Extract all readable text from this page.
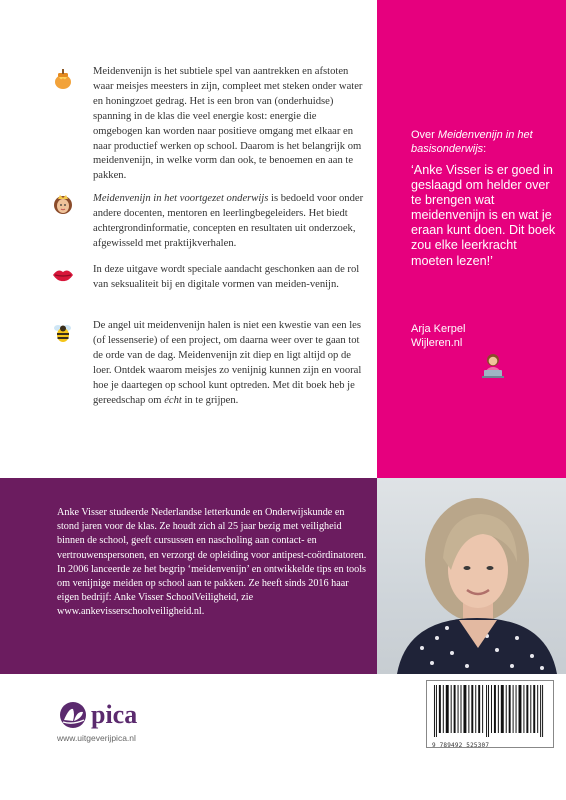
Meidenvenijn is het subtiele spel van aantrekken en afstoten waar meisjes meesters in zijn, compleet met steken onder water en honingzoet gedrag. Het is een bron van (onderhuidse) spanning in de klas die veel energie kost: energie die omgebogen kan worden naar positieve omgang met elkaar en naar productief werken op school. Daarom is het belangrijk om meidenvenijn, in welke vorm dan ook, te benoemen en aan te pakken.
Meidenvenijn in het voortgezet onderwijs is bedoeld voor onder andere docenten, mentoren en leerlingbegeleiders. Het biedt achtergrondinformatie, concepten en resultaten uit onderzoek, afgewisseld met praktijkverhalen.
In deze uitgave wordt speciale aandacht geschonken aan de rol van seksualiteit bij en digitale vormen van meiden-venijn.
De angel uit meidenvenijn halen is niet een kwestie van een les (of lessenserie) of een project, om daarna weer over te gaan tot de orde van de dag. Meidenvenijn zit diep en ligt altijd op de loer. Ontdek waarom meisjes zo venijnig kunnen zijn en vooral hoe je daartegen op school kunt optreden. Met dit boek heb je gereedschap om écht in te grijpen.
Over Meidenvenijn in het basisonderwijs:
‘Anke Visser is er goed in geslaagd om helder over te brengen wat meidenvenijn is en wat je eraan kunt doen. Dit boek zou elke leerkracht moeten lezen!’
Arja Kerpel
Wijleren.nl
Anke Visser studeerde Nederlandse letterkunde en Onderwijskunde en stond jaren voor de klas. Ze houdt zich al 25 jaar bezig met veiligheid binnen de school, geeft cursussen en nascholing aan contact- en vertrouwenspersonen, en verzorgt de opleiding voor antipest-coördinatoren. In 2006 lanceerde ze het begrip ‘meidenvenijn’ en ontwikkelde tips en tools om venijnige meiden op school aan te pakken. Ze heeft sinds 2016 haar eigen bedrijf: Anke Visser SchoolVeiligheid, zie www.ankevisserschoolveiligheid.nl.
pica
www.uitgeverijpica.nl
9 789492 525307
